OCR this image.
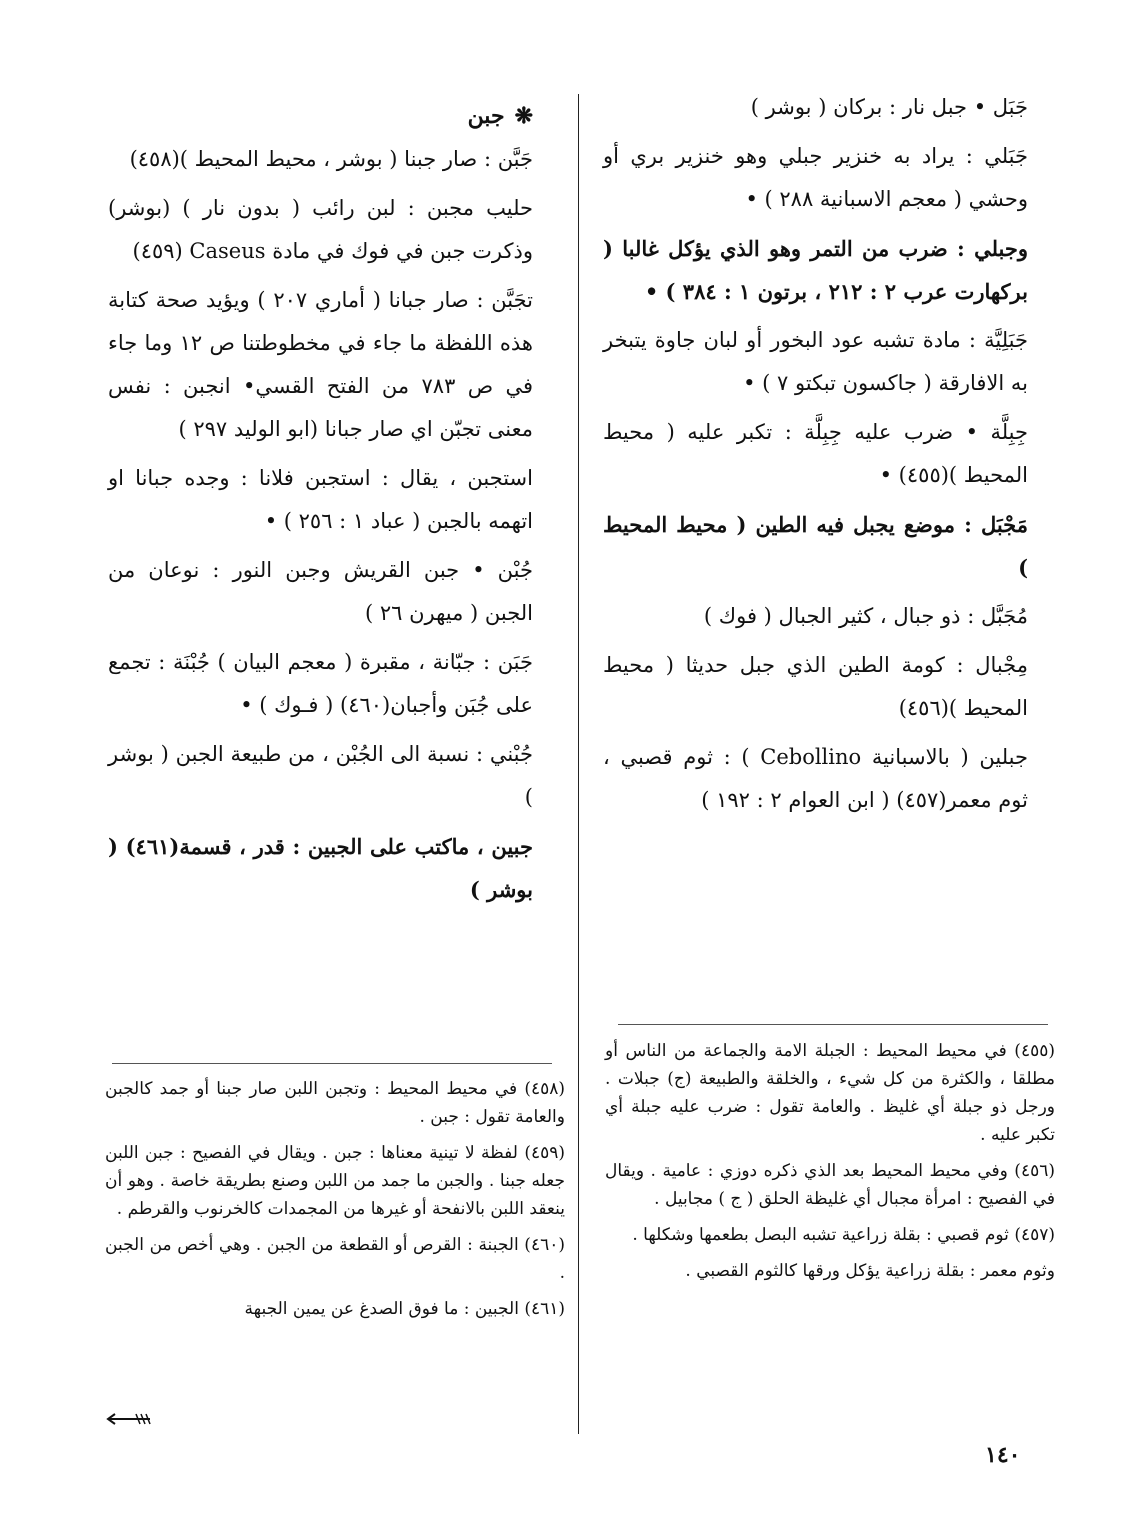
جَبَل • جبل نار : بركان ( بوشر )
جَبَلي : يراد به خنزير جبلي وهو خنزير بري أو وحشي ( معجم الاسبانية ٢٨٨ ) •
وجبلي : ضرب من التمر وهو الذي يؤكل غالبا ( بركهارت عرب ٢ : ٢١٢ ، برتون ١ : ٣٨٤ ) •
جَبَلِيَّة : مادة تشبه عود البخور أو لبان جاوة يتبخر به الافارقة ( جاكسون تبكتو ٧ ) •
جِبِلَّة • ضرب عليه جِبِلَّة : تكبر عليه ( محيط المحيط )(٤٥٥) •
مَجْبَل : موضع يجبل فيه الطين ( محيط المحيط )
مُجَبَّل : ذو جبال ، كثير الجبال ( فوك )
مِجْبال : كومة الطين الذي جبل حديثا ( محيط المحيط )(٤٥٦)
جبلين ( بالاسبانية Cebollino ) : ثوم قصبي ، ثوم معمر(٤٥٧) ( ابن العوام ٢ : ١٩٢ )
(٤٥٥) في محيط المحيط : الجبلة الامة والجماعة من الناس أو مطلقا ، والكثرة من كل شيء ، والخلقة والطبيعة (ج) جبلات . ورجل ذو جبلة أي غليظ . والعامة تقول : ضرب عليه جبلة أي تكبر عليه .
(٤٥٦) وفي محيط المحيط بعد الذي ذكره دوزي : عامية . ويقال في الفصيح : امرأة مجبال أي غليظة الحلق ( ج ) مجابيل .
(٤٥٧) ثوم قصبي : بقلة زراعية تشبه البصل بطعمها وشكلها .
وثوم معمر : بقلة زراعية يؤكل ورقها كالثوم القصبي .
❋جبن
جَبَّن : صار جبنا ( بوشر ، محيط المحيط )(٤٥٨)
حليب مجبن : لبن رائب ( بدون نار ) (بوشر) وذكرت جبن في فوك في مادة Caseus (٤٥٩)
تجَبَّن : صار جبانا ( أماري ٢٠٧ ) ويؤيد صحة كتابة هذه اللفظة ما جاء في مخطوطتنا ص ١٢ وما جاء في ص ٧٨٣ من الفتح القسي• انجبن : نفس معنى تجبّن اي صار جبانا (ابو الوليد ٢٩٧ )
استجبن ، يقال : استجبن فلانا : وجده جبانا او اتهمه بالجبن ( عباد ١ : ٢٥٦ ) •
جُبْن • جبن القريش وجبن النور : نوعان من الجبن ( ميهرن ٢٦ )
جَبَن : جبّانة ، مقبرة ( معجم البيان ) جُبْنَة : تجمع على جُبَن وأجبان(٤٦٠) ( فـوك ) •
جُبْني : نسبة الى الجُبْن ، من طبيعة الجبن ( بوشر )
جبين ، ماكتب على الجبين : قدر ، قسمة(٤٦١) ( بوشر )
(٤٥٨) في محيط المحيط : وتجبن اللبن صار جبنا أو جمد كالجبن والعامة تقول : جبن .
(٤٥٩) لفظة لا تينية معناها : جبن . ويقال في الفصيح : جبن اللبن جعله جبنا . والجبن ما جمد من اللبن وصنع بطريقة خاصة . وهو أن ينعقد اللبن بالانفحة أو غيرها من المجمدات كالخرنوب والقرطم .
(٤٦٠) الجبنة : القرص أو القطعة من الجبن . وهي أخص من الجبن .
(٤٦١) الجبين : ما فوق الصدغ عن يمين الجبهة
١٤٠
